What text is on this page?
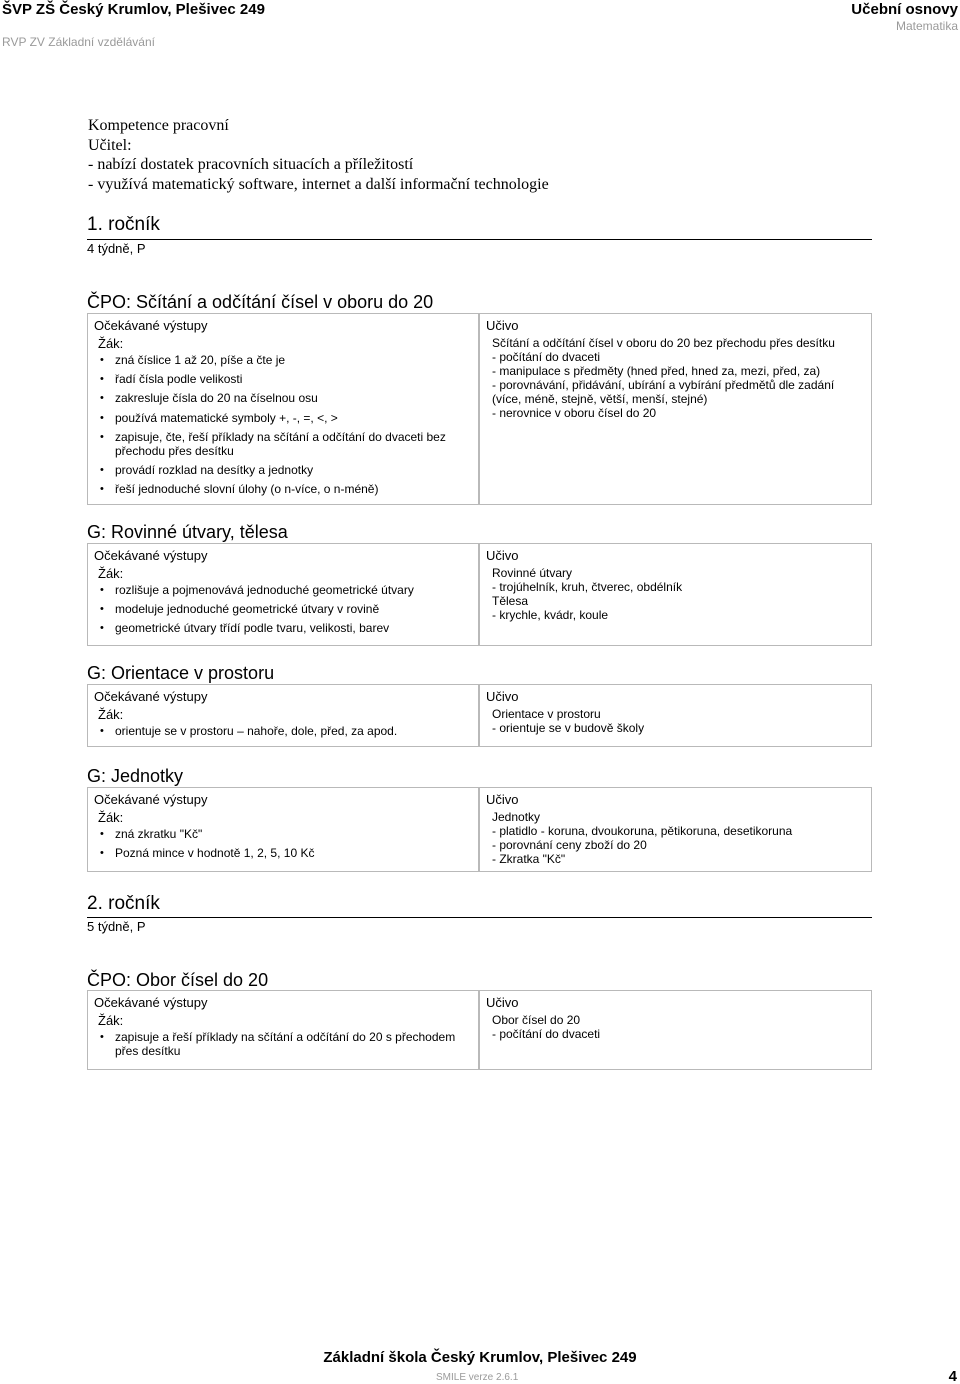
ŠVP ZŠ Český Krumlov, Plešivec 249
RVP ZV Základní vzdělávání
Učební osnovy
Matematika
Kompetence pracovní
Učitel:
- nabízí dostatek pracovních situacích a příležitostí
- využívá matematický software, internet a další informační technologie
1. ročník
4 týdně, P
ČPO: Sčítání a odčítání čísel v oboru do 20
Očekávané výstupy
Žák:
• zná číslice 1 až 20, píše a čte je
• řadí čísla podle velikosti
• zakresluje čísla do 20 na číselnou osu
• používá matematické symboly +, -, =, <, >
• zapisuje, čte, řeší příklady na sčítání a odčítání do dvaceti bez přechodu přes desítku
• provádí rozklad na desítky a jednotky
• řeší jednoduché slovní úlohy (o n-více, o n-méně)
Učivo
Sčítání a odčítání čísel v oboru do 20 bez přechodu přes desítku
- počítání do dvaceti
- manipulace s předměty (hned před, hned za, mezi, před, za)
- porovnávání, přidávání, ubírání a vybírání předmětů dle zadání (více, méně, stejně, větší, menší, stejné)
- nerovnice v oboru čísel do 20
G: Rovinné útvary, tělesa
Očekávané výstupy
Žák:
• rozlišuje a pojmenovává jednoduché geometrické útvary
• modeluje jednoduché geometrické útvary v rovině
• geometrické útvary třídí podle tvaru, velikosti, barev
Učivo
Rovinné útvary
- trojúhelník, kruh, čtverec, obdélník
Tělesa
- krychle, kvádr, koule
G: Orientace v prostoru
Očekávané výstupy
Žák:
• orientuje se v prostoru – nahoře, dole, před, za apod.
Učivo
Orientace v prostoru
- orientuje se v budově školy
G: Jednotky
Očekávané výstupy
Žák:
• zná zkratku "Kč"
• Pozná mince v hodnotě 1, 2, 5, 10 Kč
Učivo
Jednotky
- platidlo - koruna, dvoukoruna, pětikoruna, desetikoruna
- porovnání ceny zboží do 20
- Zkratka "Kč"
2. ročník
5 týdně, P
ČPO: Obor čísel do 20
Očekávané výstupy
Žák:
• zapisuje a řeší příklady na sčítání a odčítání do 20 s přechodem přes desítku
Učivo
Obor čísel do 20
- počítání do dvaceti
Základní škola Český Krumlov, Plešivec 249
SMILE verze 2.6.1	4
